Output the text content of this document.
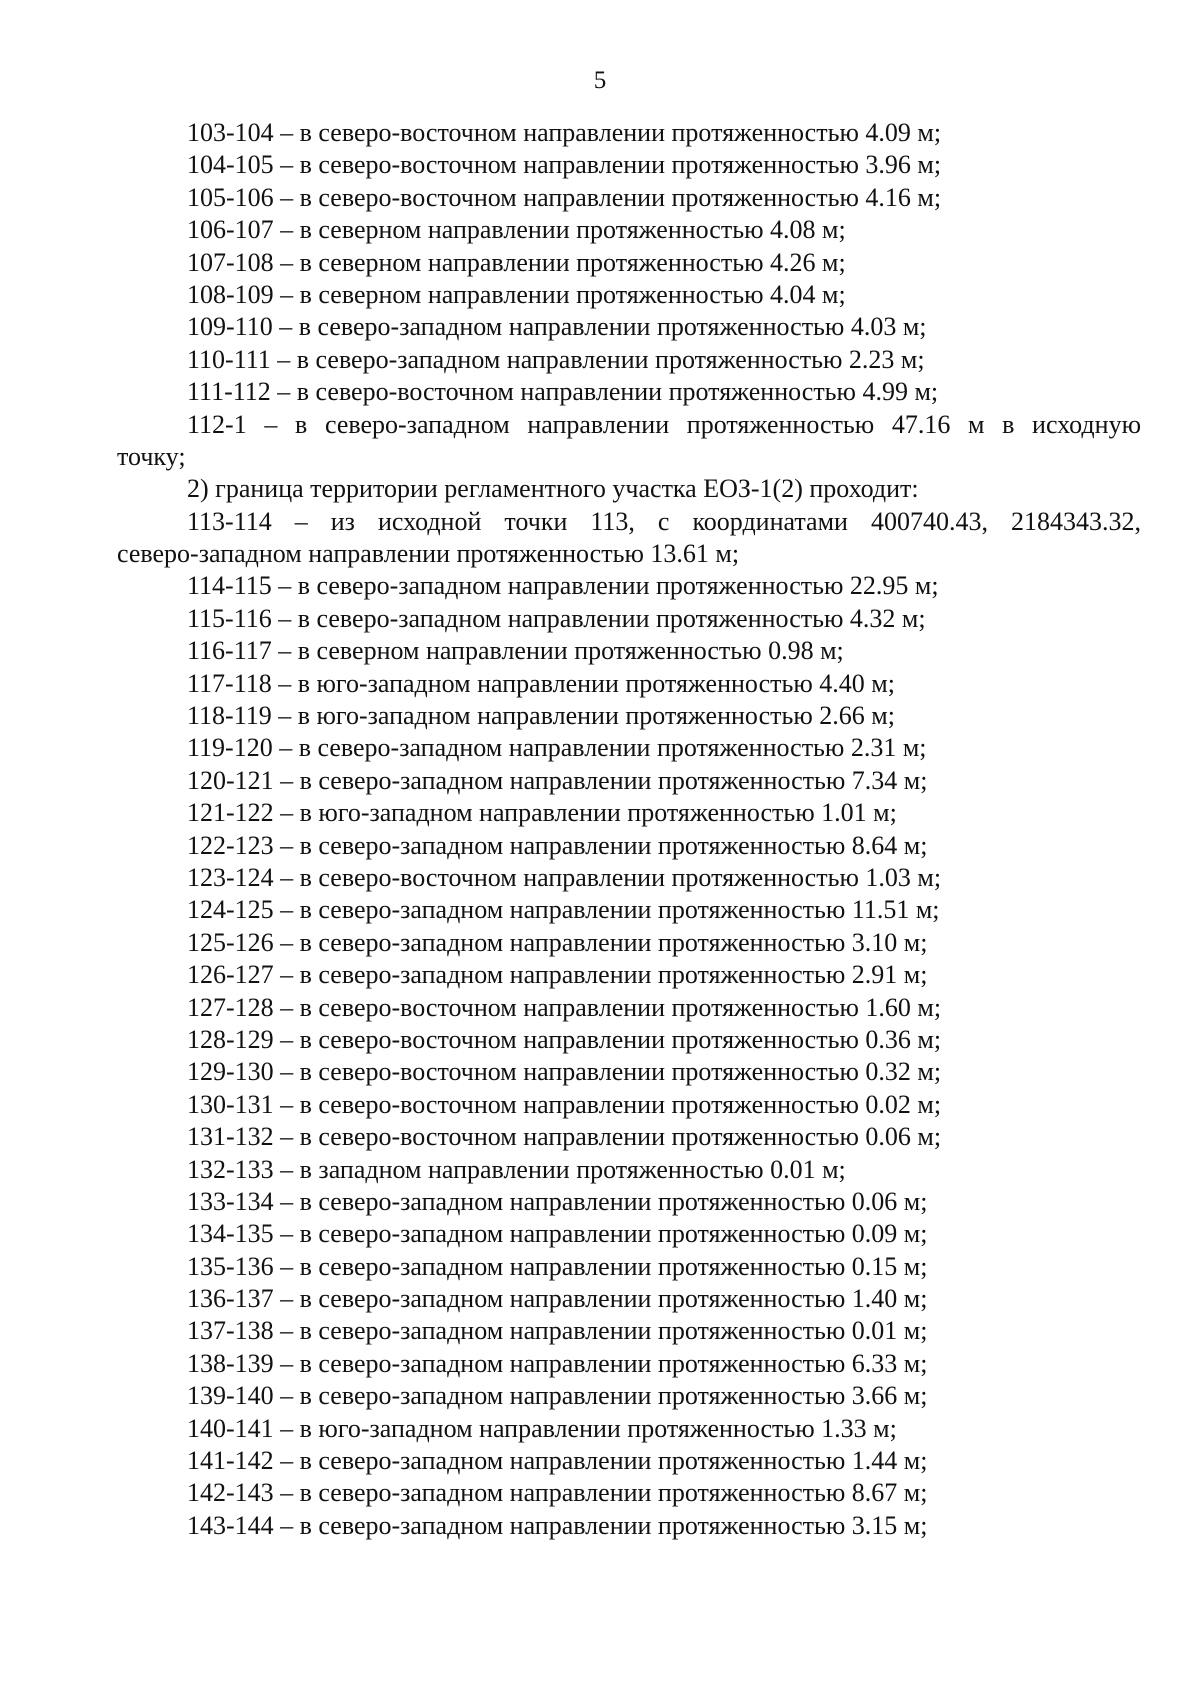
5
103-104 – в северо-восточном направлении протяженностью 4.09 м;
104-105 – в северо-восточном направлении протяженностью 3.96 м;
105-106 – в северо-восточном направлении протяженностью 4.16 м;
106-107 – в северном направлении протяженностью 4.08 м;
107-108 – в северном направлении протяженностью 4.26 м;
108-109 – в северном направлении протяженностью 4.04 м;
109-110 – в северо-западном направлении протяженностью 4.03 м;
110-111 – в северо-западном направлении протяженностью 2.23 м;
111-112 – в северо-восточном направлении протяженностью 4.99 м;
112-1 – в северо-западном направлении протяженностью 47.16 м в исходную
точку;
2) граница территории регламентного участка ЕОЗ-1(2) проходит:
113-114 – из исходной точки 113, с координатами 400740.43, 2184343.32,
северо-западном направлении протяженностью 13.61 м;
114-115 – в северо-западном направлении протяженностью 22.95 м;
115-116 – в северо-западном направлении протяженностью 4.32 м;
116-117 – в северном направлении протяженностью 0.98 м;
117-118 – в юго-западном направлении протяженностью 4.40 м;
118-119 – в юго-западном направлении протяженностью 2.66 м;
119-120 – в северо-западном направлении протяженностью 2.31 м;
120-121 – в северо-западном направлении протяженностью 7.34 м;
121-122 – в юго-западном направлении протяженностью 1.01 м;
122-123 – в северо-западном направлении протяженностью 8.64 м;
123-124 – в северо-восточном направлении протяженностью 1.03 м;
124-125 – в северо-западном направлении протяженностью 11.51 м;
125-126 – в северо-западном направлении протяженностью 3.10 м;
126-127 – в северо-западном направлении протяженностью 2.91 м;
127-128 – в северо-восточном направлении протяженностью 1.60 м;
128-129 – в северо-восточном направлении протяженностью 0.36 м;
129-130 – в северо-восточном направлении протяженностью 0.32 м;
130-131 – в северо-восточном направлении протяженностью 0.02 м;
131-132 – в северо-восточном направлении протяженностью 0.06 м;
132-133 – в западном направлении протяженностью 0.01 м;
133-134 – в северо-западном направлении протяженностью 0.06 м;
134-135 – в северо-западном направлении протяженностью 0.09 м;
135-136 – в северо-западном направлении протяженностью 0.15 м;
136-137 – в северо-западном направлении протяженностью 1.40 м;
137-138 – в северо-западном направлении протяженностью 0.01 м;
138-139 – в северо-западном направлении протяженностью 6.33 м;
139-140 – в северо-западном направлении протяженностью 3.66 м;
140-141 – в юго-западном направлении протяженностью 1.33 м;
141-142 – в северо-западном направлении протяженностью 1.44 м;
142-143 – в северо-западном направлении протяженностью 8.67 м;
143-144 – в северо-западном направлении протяженностью 3.15 м;
